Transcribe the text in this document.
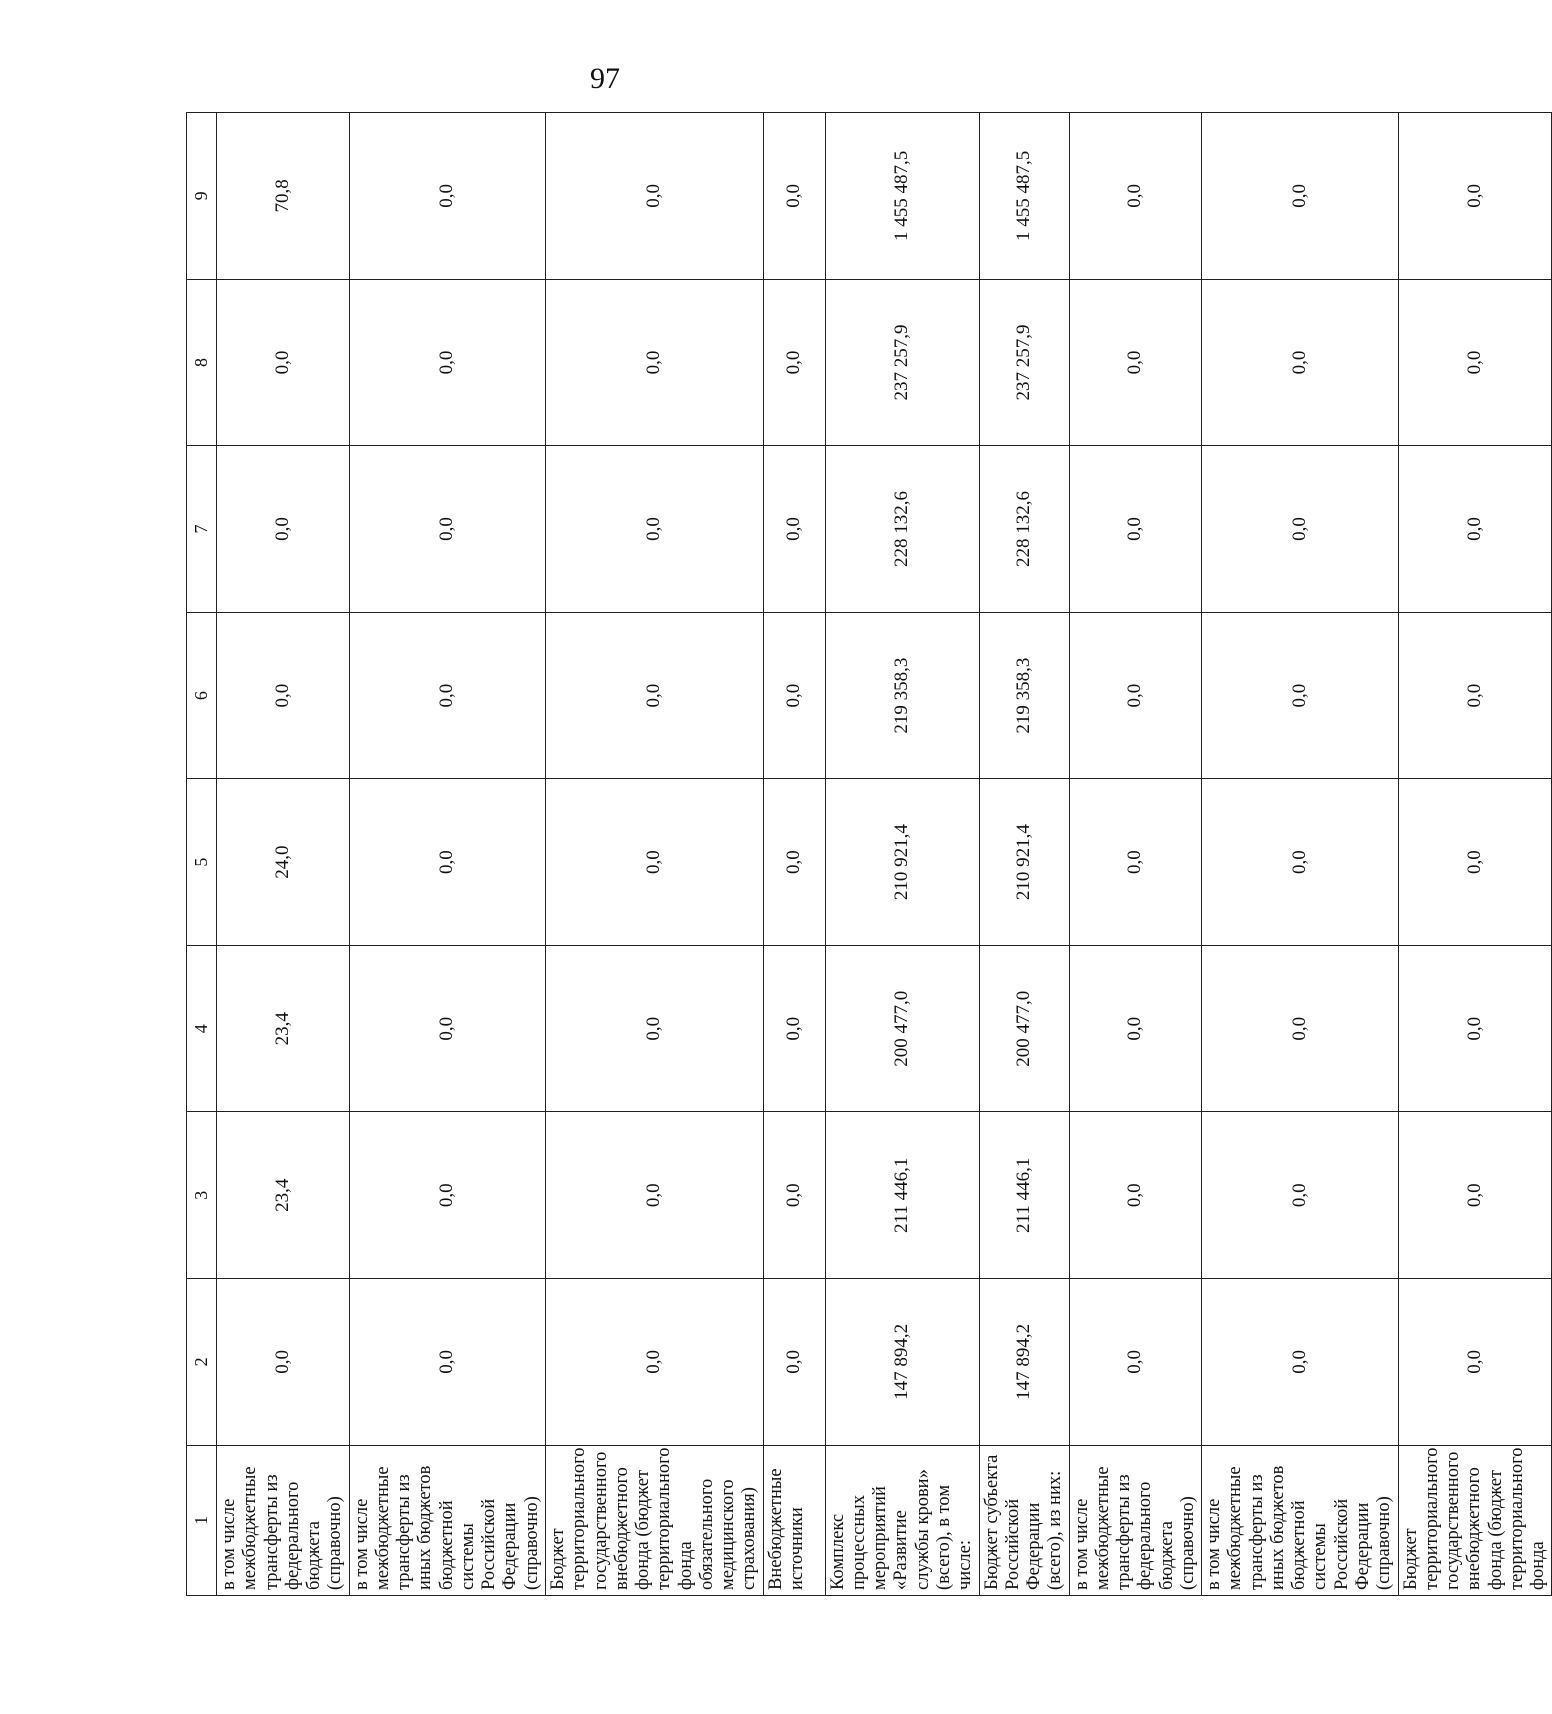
97
1	2	3	4	5	6	7	8	9
в том числе межбюджетные трансферты из федерального бюджета (справочно)	0,0	23,4	23,4	24,0	0,0	0,0	0,0	70,8
в том числе межбюджетные трансферты из иных бюджетов бюджетной системы Российской Федерации (справочно)	0,0	0,0	0,0	0,0	0,0	0,0	0,0	0,0
Бюджет территориального государственного внебюджетного фонда (бюджет территориального фонда обязательного медицинского страхования)	0,0	0,0	0,0	0,0	0,0	0,0	0,0	0,0
Внебюджетные источники	0,0	0,0	0,0	0,0	0,0	0,0	0,0	0,0
Комплекс процессных мероприятий «Развитие службы крови» (всего), в том числе:	147 894,2	211 446,1	200 477,0	210 921,4	219 358,3	228 132,6	237 257,9	1 455 487,5
Бюджет субъекта Российской Федерации (всего), из них:	147 894,2	211 446,1	200 477,0	210 921,4	219 358,3	228 132,6	237 257,9	1 455 487,5
в том числе межбюджетные трансферты из федерального бюджета (справочно)	0,0	0,0	0,0	0,0	0,0	0,0	0,0	0,0
в том числе межбюджетные трансферты из иных бюджетов бюджетной системы Российской Федерации (справочно)	0,0	0,0	0,0	0,0	0,0	0,0	0,0	0,0
Бюджет территориального государственного внебюджетного фонда (бюджет территориального фонда	0,0	0,0	0,0	0,0	0,0	0,0	0,0	0,0
